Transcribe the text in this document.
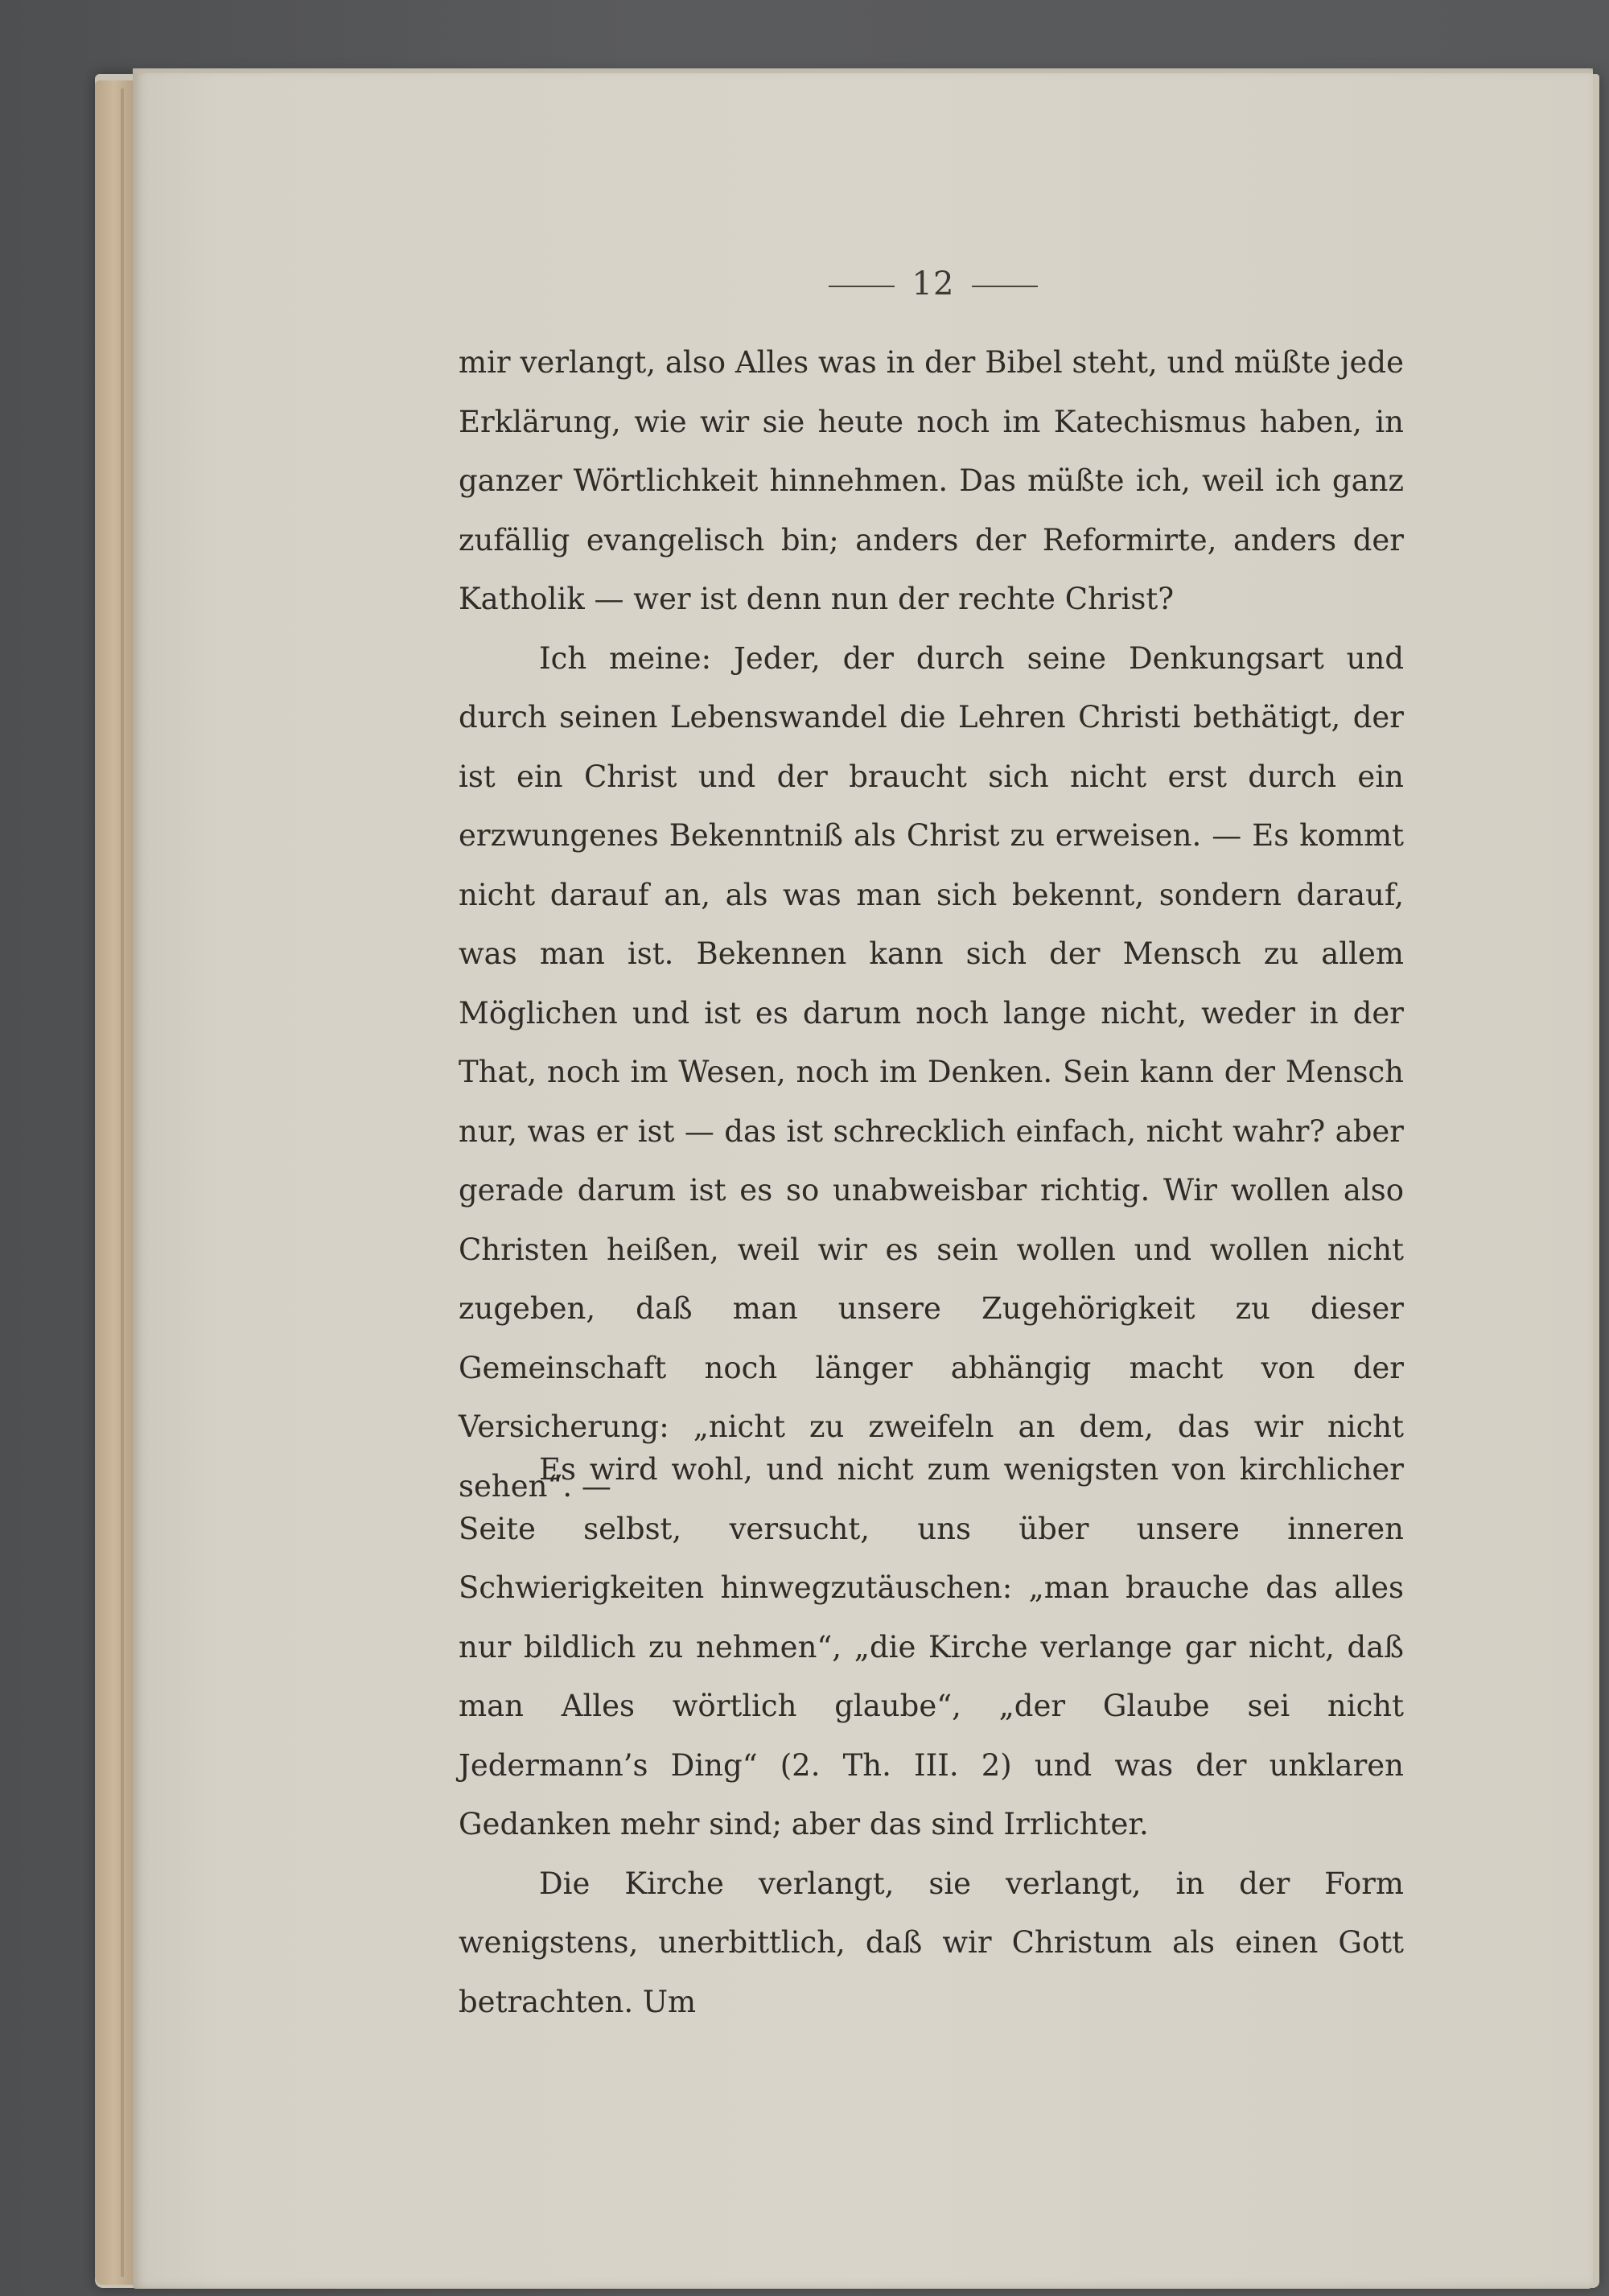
12

mir verlangt, also Alles was in der Bibel steht, und müßte jede Erklärung, wie wir sie heute noch im Katechismus haben, in ganzer Wörtlichkeit hinnehmen. Das müßte ich, weil ich ganz zufällig evangelisch bin; anders der Reformirte, anders der Katholik — wer ist denn nun der rechte Christ?

Ich meine: Jeder, der durch seine Denkungsart und durch seinen Lebenswandel die Lehren Christi bethätigt, der ist ein Christ und der braucht sich nicht erst durch ein erzwungenes Bekenntniß als Christ zu erweisen. — Es kommt nicht darauf an, als was man sich bekennt, sondern darauf, was man ist. Bekennen kann sich der Mensch zu allem Möglichen und ist es darum noch lange nicht, weder in der That, noch im Wesen, noch im Denken. Sein kann der Mensch nur, was er ist — das ist schrecklich einfach, nicht wahr? aber gerade darum ist es so unabweisbar richtig. Wir wollen also Christen heißen, weil wir es sein wollen und wollen nicht zugeben, daß man unsere Zugehörigkeit zu dieser Gemeinschaft noch länger abhängig macht von der Versicherung: „nicht zu zweifeln an dem, das wir nicht sehen“. —

Es wird wohl, und nicht zum wenigsten von kirchlicher Seite selbst, versucht, uns über unsere inneren Schwierigkeiten hinwegzutäuschen: „man brauche das alles nur bildlich zu nehmen“, „die Kirche verlange gar nicht, daß man Alles wörtlich glaube“, „der Glaube sei nicht Jedermann’s Ding“ (2. Th. III. 2) und was der unklaren Gedanken mehr sind; aber das sind Irrlichter.

Die Kirche verlangt, sie verlangt, in der Form wenigstens, unerbittlich, daß wir Christum als einen Gott betrachten. Um
